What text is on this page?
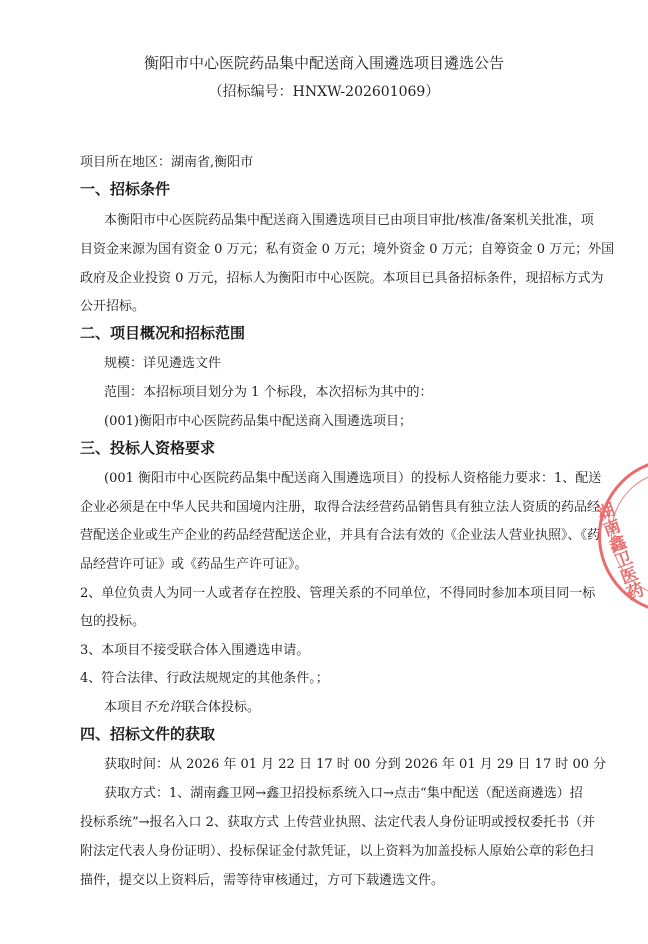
衡阳市中心医院药品集中配送商入围遴选项目遴选公告
（招标编号：HNXW-202601069）
项目所在地区：湖南省,衡阳市
一、招标条件
本衡阳市中心医院药品集中配送商入围遴选项目已由项目审批/核准/备案机关批准，项
目资金来源为国有资金 0 万元；私有资金 0 万元；境外资金 0 万元；自筹资金 0 万元；外国
政府及企业投资 0 万元，招标人为衡阳市中心医院。本项目已具备招标条件，现招标方式为
公开招标。
二、项目概况和招标范围
规模：详见遴选文件
范围：本招标项目划分为 1 个标段，本次招标为其中的：
(001)衡阳市中心医院药品集中配送商入围遴选项目；
三、投标人资格要求
(001 衡阳市中心医院药品集中配送商入围遴选项目）的投标人资格能力要求：1、配送
企业必须是在中华人民共和国境内注册，取得合法经营药品销售具有独立法人资质的药品经
营配送企业或生产企业的药品经营配送企业，并具有合法有效的《企业法人营业执照》、《药
品经营许可证》或《药品生产许可证》。
2、单位负责人为同一人或者存在控股、管理关系的不同单位，不得同时参加本项目同一标
包的投标。
3、本项目不接受联合体入围遴选申请。
4、符合法律、行政法规规定的其他条件。；
本项目不允许联合体投标。
四、招标文件的获取
获取时间：从 2026 年 01 月 22 日 17 时 00 分到 2026 年 01 月 29 日 17 时 00 分
获取方式：1、湖南鑫卫网→鑫卫招投标系统入口→点击“集中配送（配送商遴选）招
投标系统”→报名入口 2、获取方式 上传营业执照、法定代表人身份证明或授权委托书（并
附法定代表人身份证明）、投标保证金付款凭证，以上资料为加盖投标人原始公章的彩色扫
描件，提交以上资料后，需等待审核通过，方可下载遴选文件。
湖南鑫卫医药
